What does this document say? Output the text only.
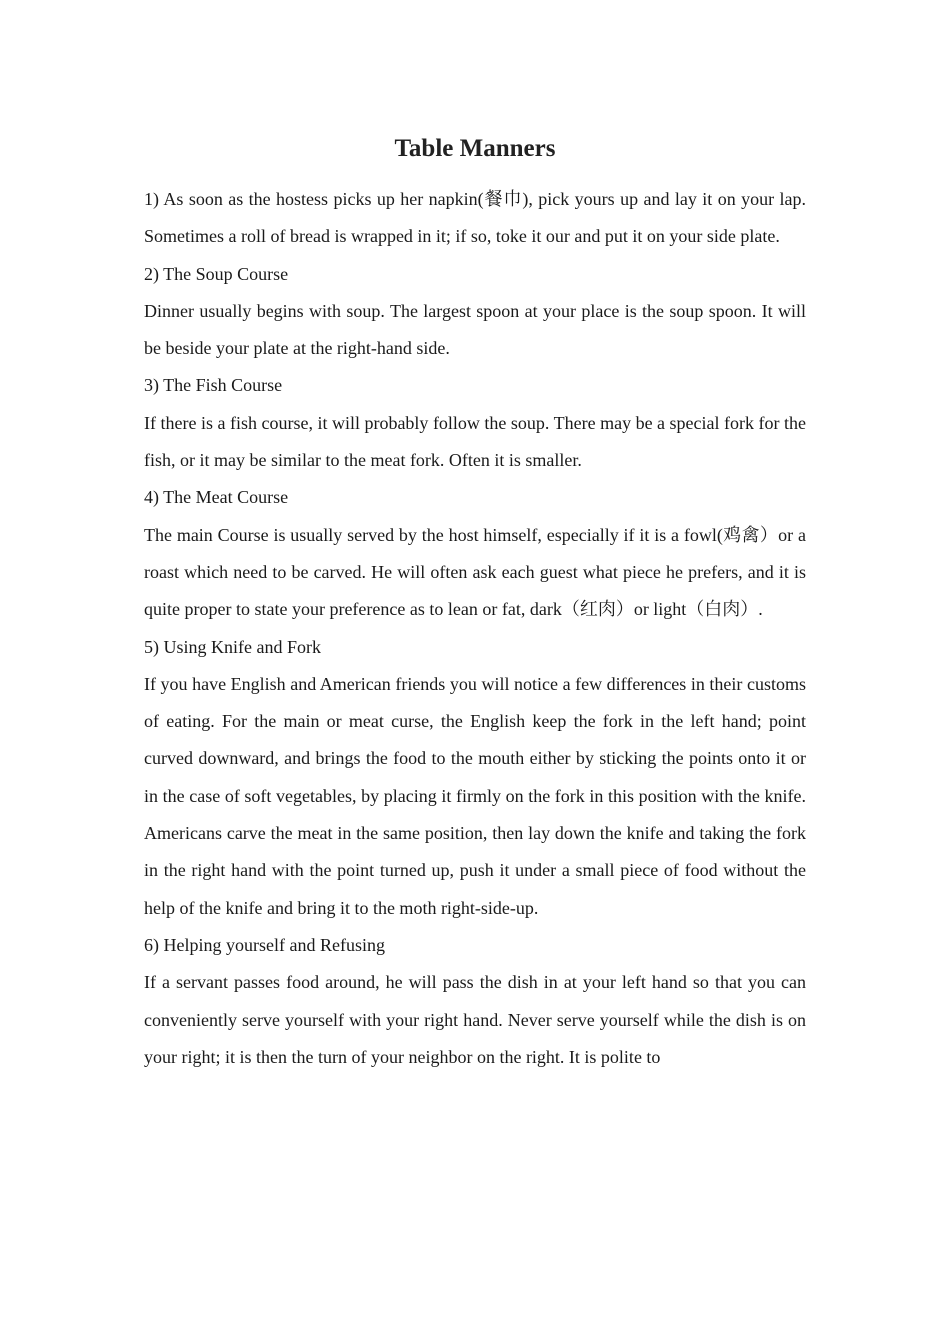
Table Manners

1) As soon as the hostess picks up her napkin(餐巾), pick yours up and lay it on your lap. Sometimes a roll of bread is wrapped in it; if so, toke it our and put it on your side plate.

2) The Soup Course

Dinner usually begins with soup. The largest spoon at your place is the soup spoon. It will be beside your plate at the right-hand side.

3) The Fish Course

If there is a fish course, it will probably follow the soup. There may be a special fork for the fish, or it may be similar to the meat fork. Often it is smaller.

4) The Meat Course

The main Course is usually served by the host himself, especially if it is a fowl(鸡禽）or a roast which need to be carved. He will often ask each guest what piece he prefers, and it is quite proper to state your preference as to lean or fat, dark（红肉）or light（白肉）.

5) Using Knife and Fork

If you have English and American friends you will notice a few differences in their customs of eating. For the main or meat curse, the English keep the fork in the left hand; point curved downward, and brings the food to the mouth either by sticking the points onto it or in the case of soft vegetables, by placing it firmly on the fork in this position with the knife. Americans carve the meat in the same position, then lay down the knife and taking the fork in the right hand with the point turned up, push it under a small piece of food without the help of the knife and bring it to the moth right-side-up.

6) Helping yourself and Refusing

If a servant passes food around, he will pass the dish in at your left hand so that you can conveniently serve yourself with your right hand. Never serve yourself while the dish is on your right; it is then the turn of your neighbor on the right. It is polite to
